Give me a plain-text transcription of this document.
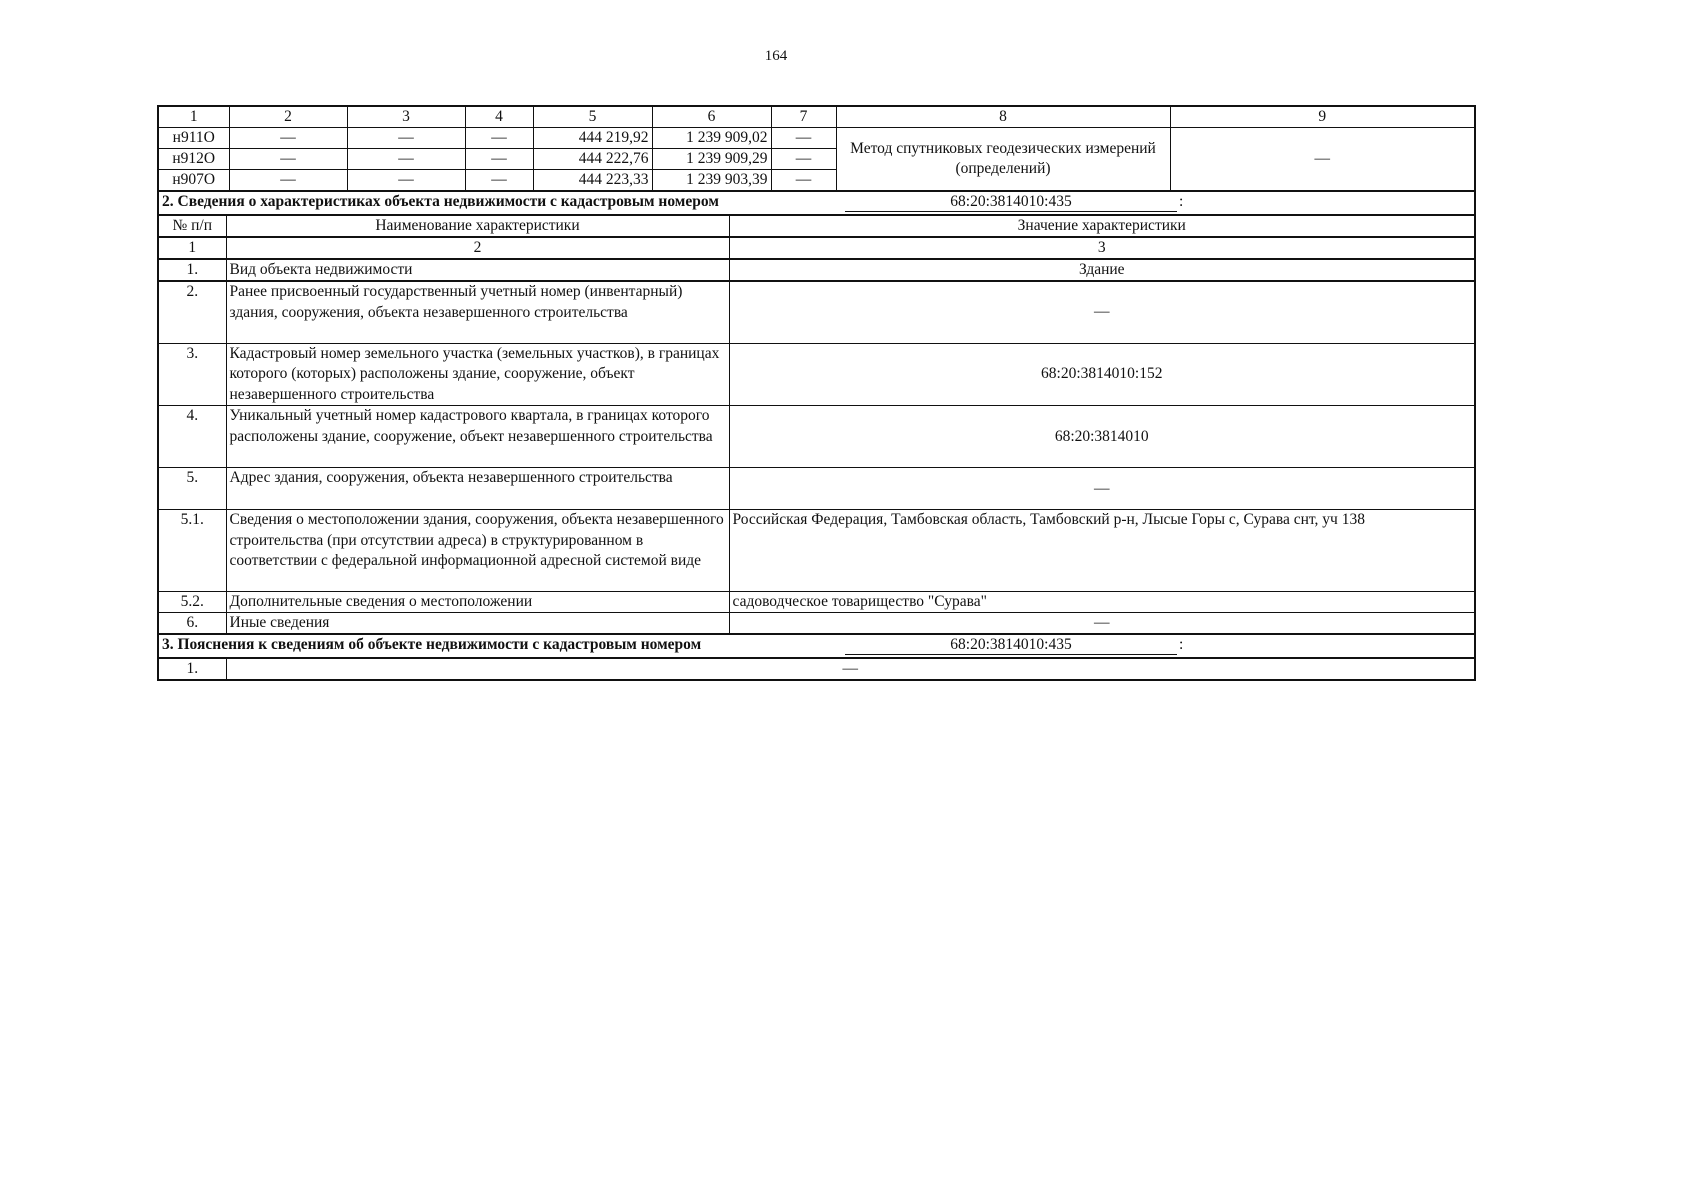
164
1	2	3	4	5	6	7	8	9
н911О	—	—	—	444 219,92	1 239 909,02	—	Метод спутниковых геодезических измерений (определений)	—
н912О	—	—	—	444 222,76	1 239 909,29	—		
н907О	—	—	—	444 223,33	1 239 903,39	—		
2. Сведения о характеристиках объекта недвижимости с кадастровым номером		68:20:3814010:435 :
№ п/п	Наименование характеристики	Значение характеристики
1	2	3
1.	Вид объекта недвижимости	Здание
2.	Ранее присвоенный государственный учетный номер (инвентарный) здания, сооружения, объекта незавершенного строительства	—
3.	Кадастровый номер земельного участка (земельных участков), в границах которого (которых) расположены здание, сооружение, объект незавершенного строительства	68:20:3814010:152
4.	Уникальный учетный номер кадастрового квартала, в границах которого расположены здание, сооружение, объект незавершенного строительства	68:20:3814010
5.	Адрес здания, сооружения, объекта незавершенного строительства	—
5.1.	Сведения о местоположении здания, сооружения, объекта незавершенного строительства (при отсутствии адреса) в структурированном в соответствии с федеральной информационной адресной системой виде	Российская Федерация, Тамбовская область, Тамбовский р-н, Лысые Горы с, Сурава снт, уч 138
5.2.	Дополнительные сведения о местоположении	садоводческое товарищество "Сурава"
6.	Иные сведения	—
3. Пояснения к сведениям об объекте недвижимости с кадастровым номером		68:20:3814010:435 :
1.	—	
